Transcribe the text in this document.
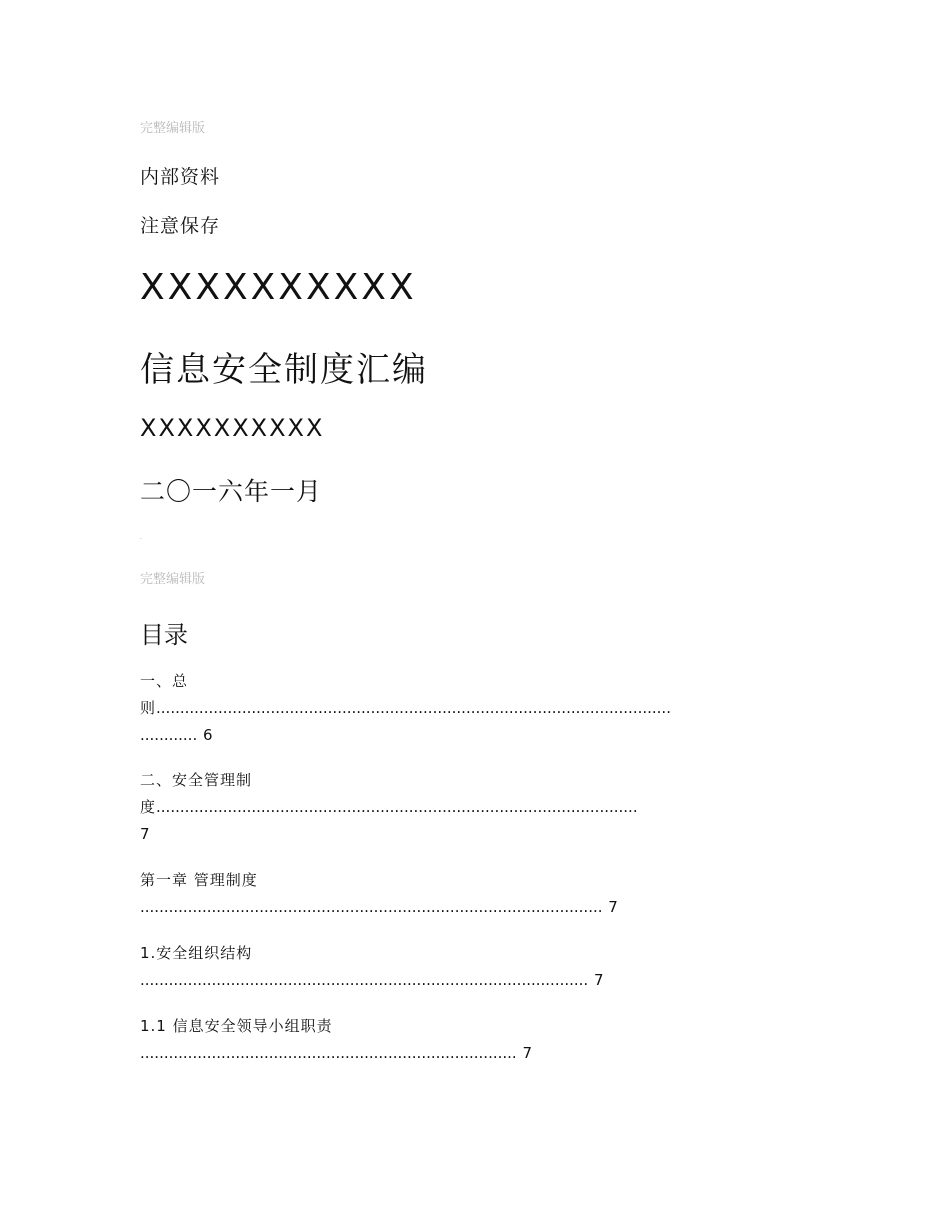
完整编辑版
内部资料
注意保存
XXXXXXXXXX
信息安全制度汇编
XXXXXXXXXX
二〇一六年一月
.
完整编辑版
目录
一、总
则............................................................................................................
............ 6
二、安全管理制
度.....................................................................................................
7
第一章 管理制度
................................................................................................. 7
1.安全组织结构
.............................................................................................. 7
1.1 信息安全领导小组职责
............................................................................... 7
